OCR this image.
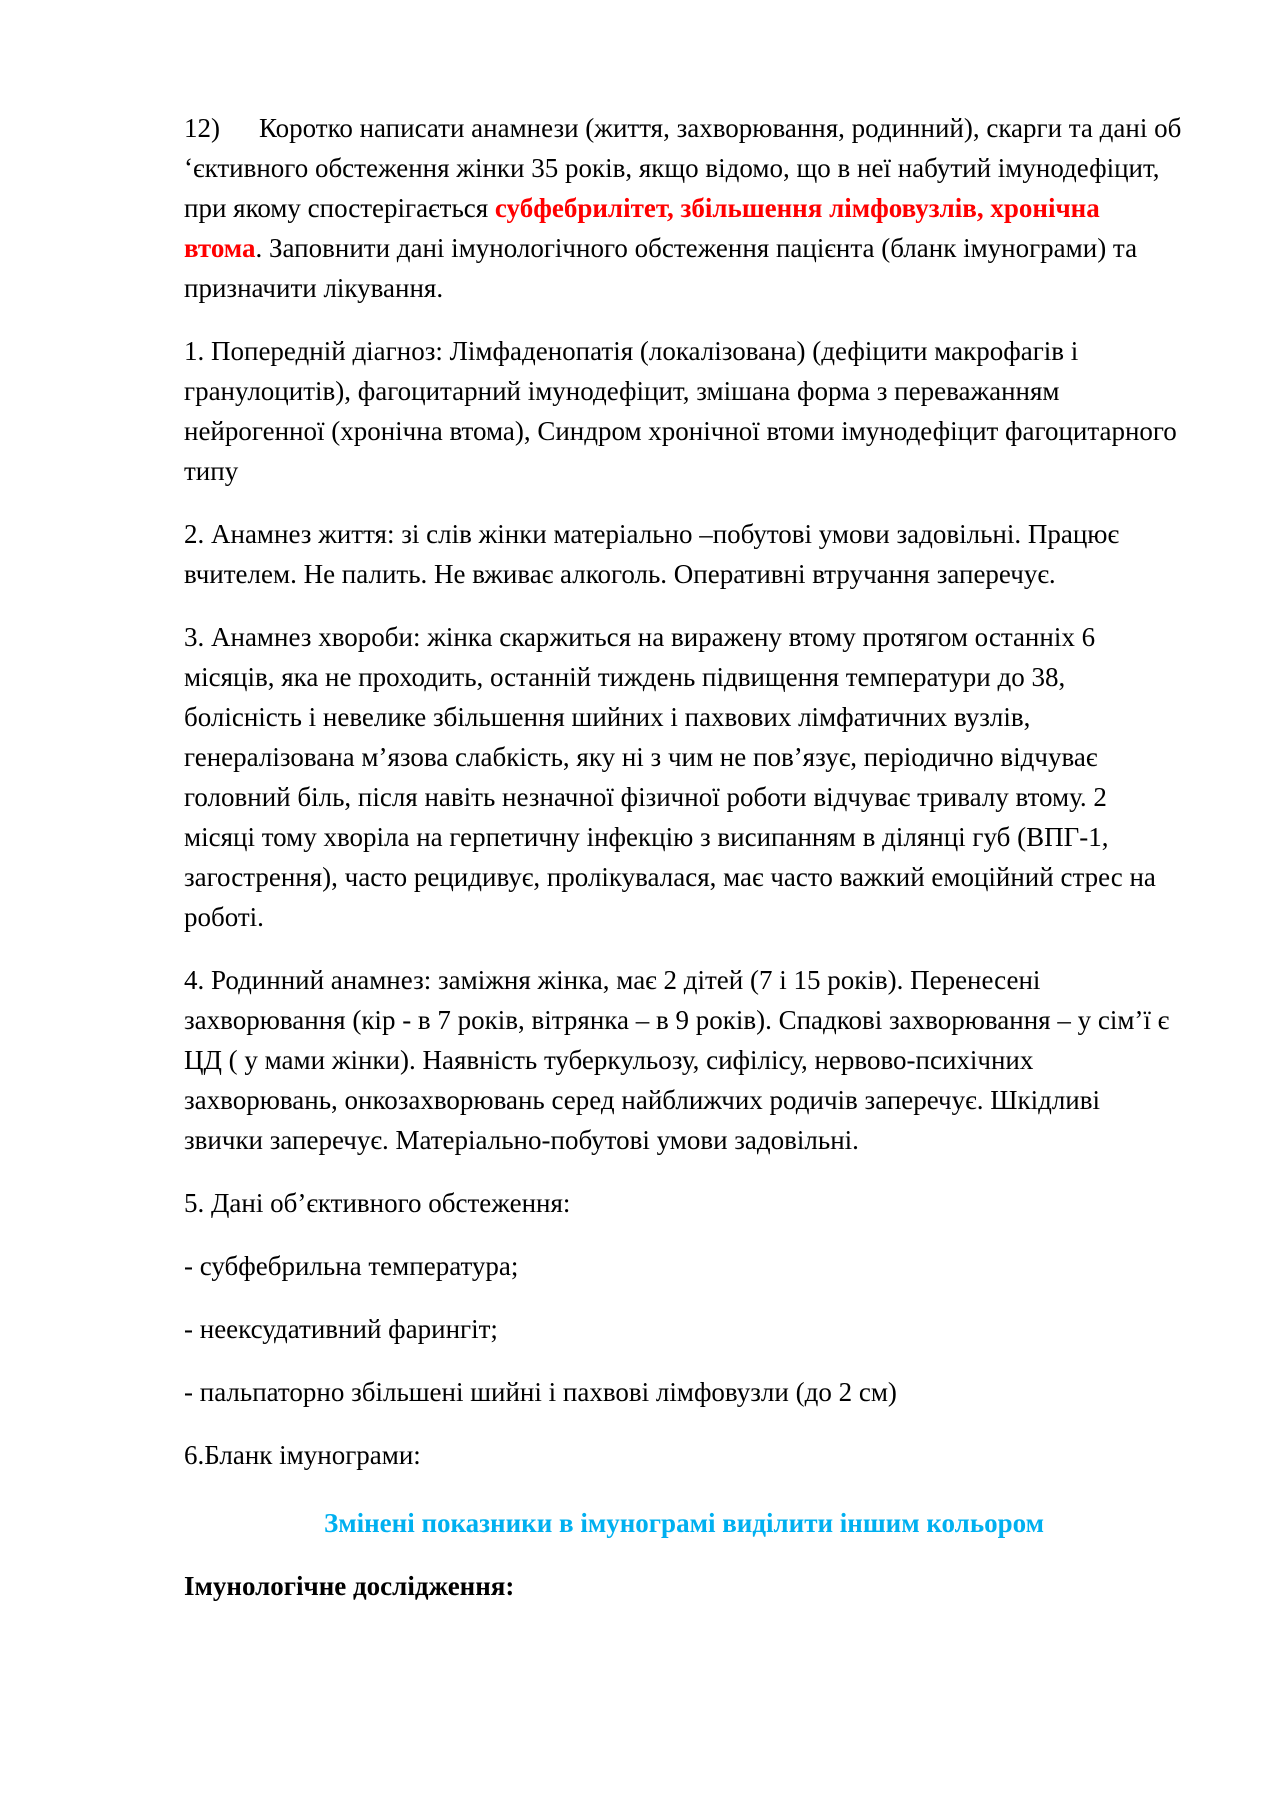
12) Коротко написати анамнези (життя, захворювання, родинний), скарги та дані об ‘єктивного обстеження жінки 35 років, якщо відомо, що в неї набутий імунодефіцит, при якому спостерігається субфебрилітет, збільшення лімфовузлів, хронічна втома. Заповнити дані імунологічного обстеження пацієнта (бланк імунограми) та призначити лікування.

1. Попередній діагноз: Лімфаденопатія (локалізована) (дефіцити макрофагів і гранулоцитів), фагоцитарний імунодефіцит, змішана форма з переважанням нейрогенної (хронічна втома), Синдром хронічної втоми імунодефіцит фагоцитарного типу

2. Анамнез життя: зі слів жінки матеріально –побутові умови задовільні. Працює вчителем. Не палить. Не вживає алкоголь. Оперативні втручання заперечує.

3. Анамнез хвороби: жінка скаржиться на виражену втому протягом останніх 6 місяців, яка не проходить, останній тиждень підвищення температури до 38, болісність і невелике збільшення шийних і пахвових лімфатичних вузлів, генералізована м’язова слабкість, яку ні з чим не пов’язує, періодично відчуває головний біль, після навіть незначної фізичної роботи відчуває тривалу втому. 2 місяці тому хворіла на герпетичну інфекцію з висипанням в ділянці губ (ВПГ-1, загострення), часто рецидивує, пролікувалася, має часто важкий емоційний стрес на роботі.

4. Родинний анамнез: заміжня жінка, має 2 дітей (7 і 15 років). Перенесені захворювання (кір - в 7 років, вітрянка – в 9 років). Спадкові захворювання – у сім’ї є ЦД ( у мами жінки). Наявність туберкульозу, сифілісу, нервово-психічних захворювань, онкозахворювань серед найближчих родичів заперечує. Шкідливі звички заперечує. Матеріально-побутові умови задовільні.

5. Дані об’єктивного обстеження:

- субфебрильна температура;

- неексудативний фарингіт;

- пальпаторно збільшені шийні і пахвові лімфовузли (до 2 см)

6.Бланк імунограми:

Змінені показники в імунограмі виділити іншим кольором

Імунологічне дослідження:
